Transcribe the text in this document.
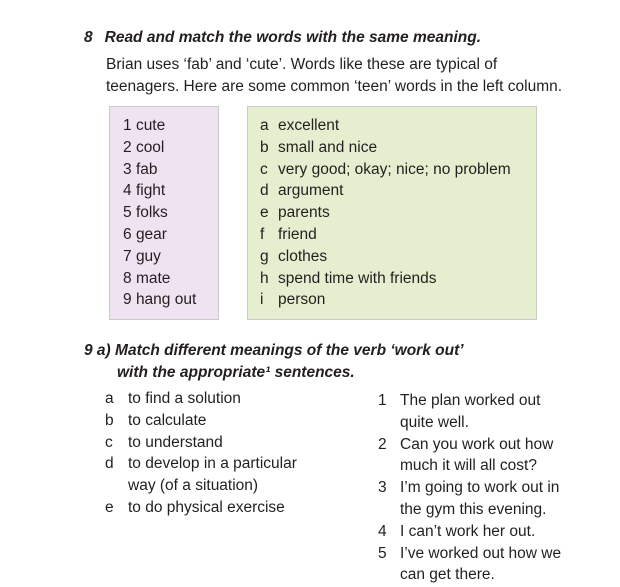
8 Read and match the words with the same meaning.
Brian uses ‘fab’ and ‘cute’. Words like these are typical of
teenagers. Here are some common ‘teen’ words in the left column.
1 cute
2 cool
3 fab
4 fight
5 folks
6 gear
7 guy
8 mate
9 hang out
a excellent
b small and nice
c very good; okay; nice; no problem
d argument
e parents
f friend
g clothes
h spend time with friends
i person
9 a) Match different meanings of the verb ‘work out’
with the appropriate¹ sentences.
a to find a solution
b to calculate
c to understand
d to develop in a particular
way (of a situation)
e to do physical exercise
1 The plan worked out
quite well.
2 Can you work out how
much it will all cost?
3 I’m going to work out in
the gym this evening.
4 I can’t work her out.
5 I’ve worked out how we
can get there.
